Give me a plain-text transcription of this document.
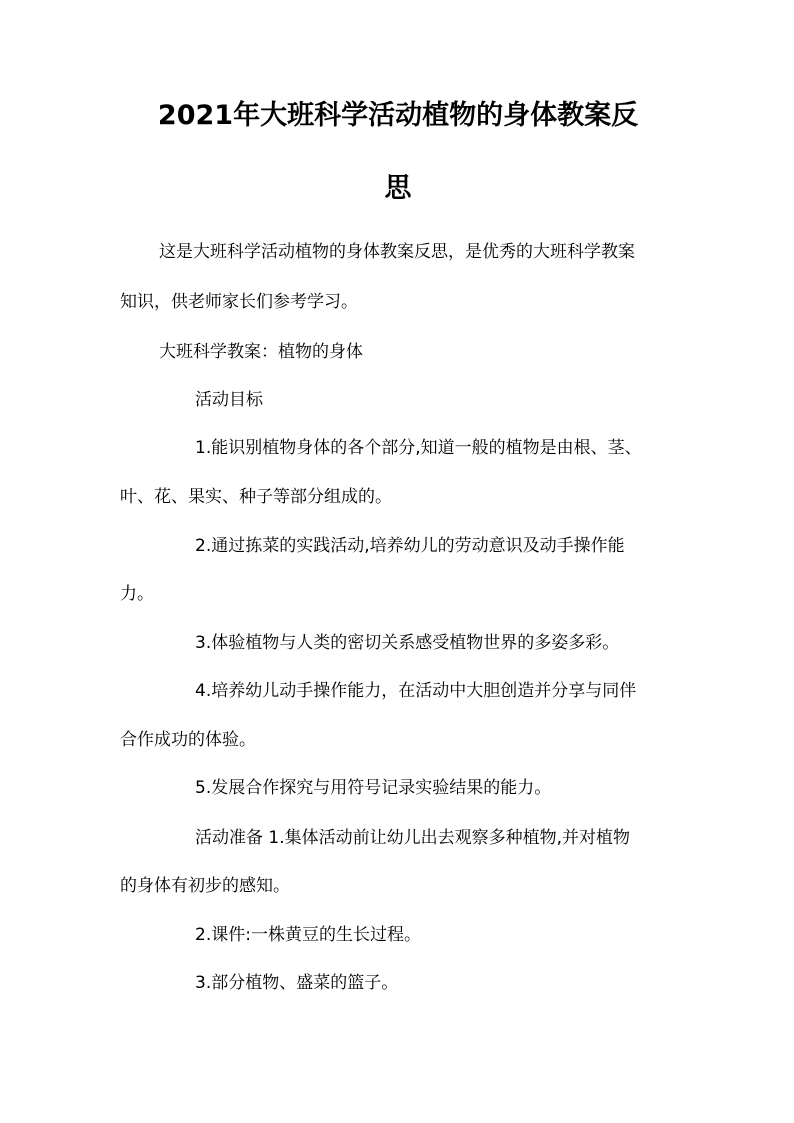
2021年大班科学活动植物的身体教案反
思

这是大班科学活动植物的身体教案反思，是优秀的大班科学教案

知识，供老师家长们参考学习。

大班科学教案：植物的身体

活动目标

1.能识别植物身体的各个部分,知道一般的植物是由根、茎、

叶、花、果实、种子等部分组成的。

2.通过拣菜的实践活动,培养幼儿的劳动意识及动手操作能

力。

3.体验植物与人类的密切关系感受植物世界的多姿多彩。

4.培养幼儿动手操作能力，在活动中大胆创造并分享与同伴

合作成功的体验。

5.发展合作探究与用符号记录实验结果的能力。

活动准备 1.集体活动前让幼儿出去观察多种植物,并对植物

的身体有初步的感知。

2.课件:一株黄豆的生长过程。

3.部分植物、盛菜的篮子。
